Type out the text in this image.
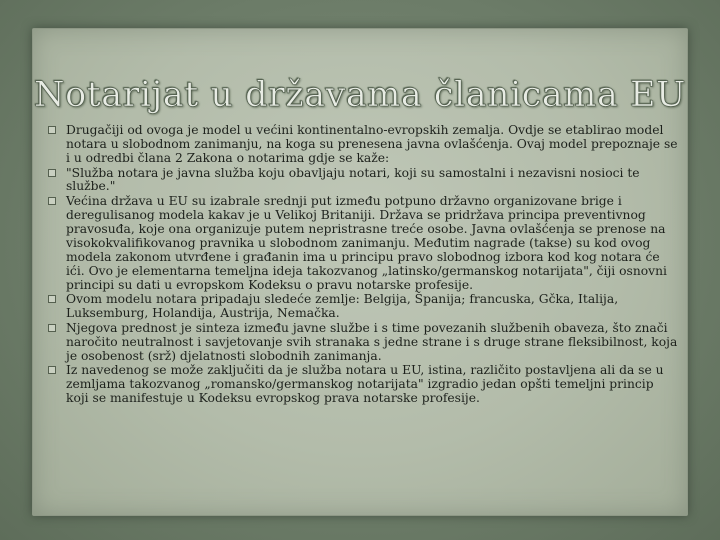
Notarijat u državama članicama EU
Drugačiji od ovoga je model u većini kontinentalno-evropskih zemalja. Ovdje se etablirao model notara u slobodnom zanimanju, na koga su prenesena javna ovlašćenja. Ovaj model prepoznaje se i u odredbi člana 2 Zakona o notarima gdje se kaže:
"Služba notara je javna služba koju obavljaju notari, koji su samostalni i nezavisni nosioci te službe."
Većina država u EU su izabrale srednji put između potpuno državno organizovane brige i deregulisanog modela kakav je u Velikoj Britaniji. Država se pridržava principa preventivnog pravosuđa, koje ona organizuje putem nepristrasne treće osobe. Javna ovlašćenja se prenose na visokokvalifikovanog pravnika u slobodnom zanimanju. Međutim nagrade (takse) su kod ovog modela zakonom utvrđene i građanin ima u principu pravo slobodnog izbora kod kog notara će ići. Ovo je elementarna temeljna ideja takozvanog „latinsko/germanskog notarijata", čiji osnovni principi su dati u evropskom Kodeksu o pravu notarske profesije.
Ovom modelu notara pripadaju sledeće zemlje: Belgija, Španija; francuska, Gčka, Italija, Luksemburg, Holandija, Austrija, Nemačka.
Njegova prednost je sinteza između javne službe i s time povezanih službenih obaveza, što znači naročito neutralnost i savjetovanje svih stranaka s jedne strane i s druge strane fleksibilnost, koja je osobenost (srž) djelatnosti slobodnih zanimanja.
Iz navedenog se može zaključiti da je služba notara u EU, istina, različito postavljena ali da se u zemljama takozvanog „romansko/germanskog notarijata" izgradio jedan opšti temeljni princip koji se manifestuje u Kodeksu evropskog prava notarske profesije.
